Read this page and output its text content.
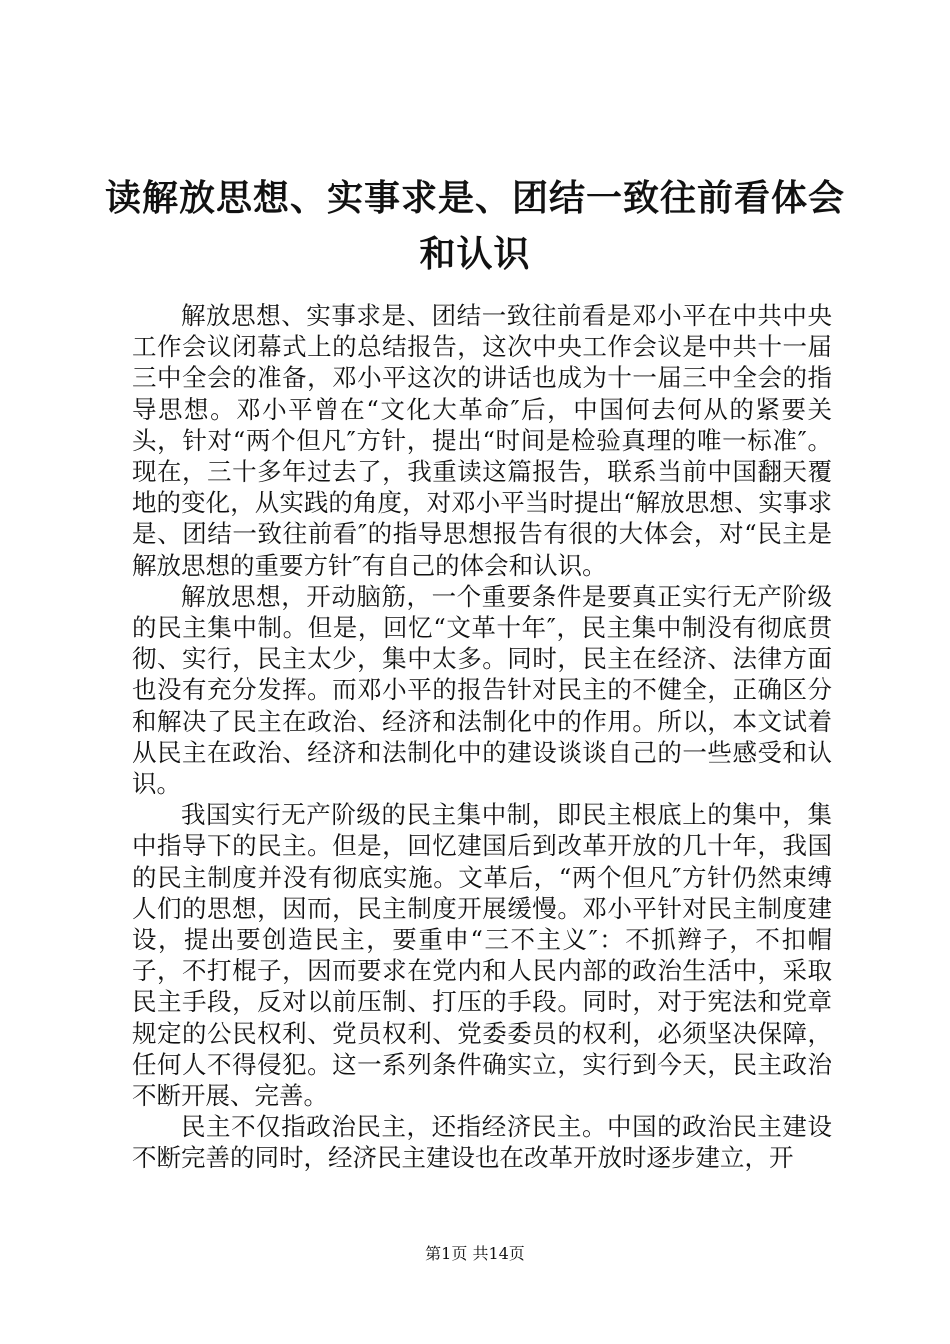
读解放思想、实事求是、团结一致往前看体会
和认识

解放思想、实事求是、团结一致往前看是邓小平在中共中央工作会议闭幕式上的总结报告，这次中央工作会议是中共十一届三中全会的准备，邓小平这次的讲话也成为十一届三中全会的指导思想。邓小平曾在“文化大革命″后，中国何去何从的紧要关头，针对“两个但凡″方针，提出“时间是检验真理的唯一标准″。现在，三十多年过去了，我重读这篇报告，联系当前中国翻天覆地的变化，从实践的角度，对邓小平当时提出“解放思想、实事求是、团结一致往前看″的指导思想报告有很的大体会，对“民主是解放思想的重要方针″有自己的体会和认识。

解放思想，开动脑筋，一个重要条件是要真正实行无产阶级的民主集中制。但是，回忆“文革十年″，民主集中制没有彻底贯彻、实行，民主太少，集中太多。同时，民主在经济、法律方面也没有充分发挥。而邓小平的报告针对民主的不健全，正确区分和解决了民主在政治、经济和法制化中的作用。所以，本文试着从民主在政治、经济和法制化中的建设谈谈自己的一些感受和认识。

我国实行无产阶级的民主集中制，即民主根底上的集中，集中指导下的民主。但是，回忆建国后到改革开放的几十年，我国的民主制度并没有彻底实施。文革后，“两个但凡″方针仍然束缚人们的思想，因而，民主制度开展缓慢。邓小平针对民主制度建设，提出要创造民主，要重申“三不主义″：不抓辫子，不扣帽子，不打棍子，因而要求在党内和人民内部的政治生活中，采取民主手段，反对以前压制、打压的手段。同时，对于宪法和党章规定的公民权利、党员权利、党委委员的权利，必须坚决保障，任何人不得侵犯。这一系列条件确实立，实行到今天，民主政治不断开展、完善。

民主不仅指政治民主，还指经济民主。中国的政治民主建设不断完善的同时，经济民主建设也在改革开放时逐步建立，开

第1页 共14页
